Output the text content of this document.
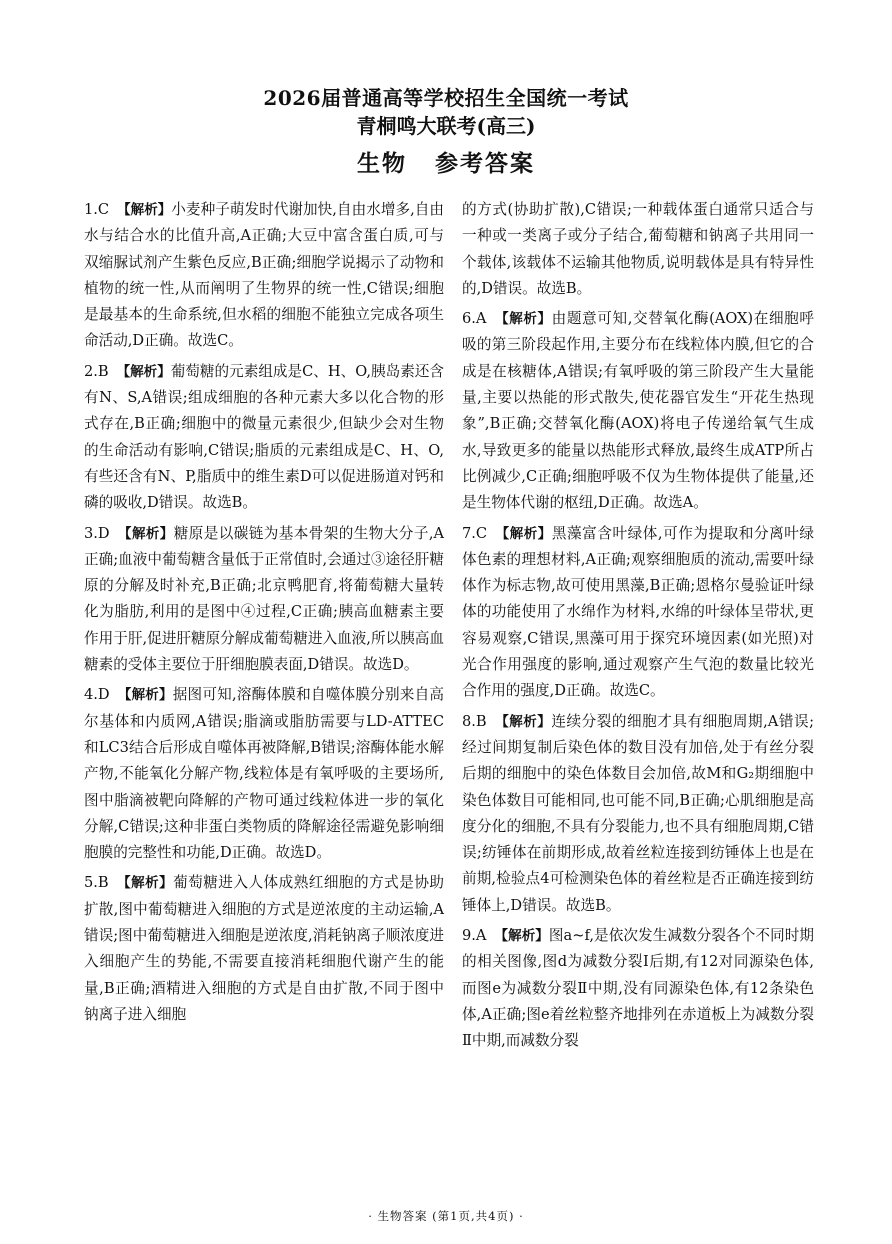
2026届普通高等学校招生全国统一考试
青桐鸣大联考(高三)
生物 参考答案
1.C 【解析】小麦种子萌发时代谢加快,自由水增多,自由水与结合水的比值升高,A正确;大豆中富含蛋白质,可与双缩脲试剂产生紫色反应,B正确;细胞学说揭示了动物和植物的统一性,从而阐明了生物界的统一性,C错误;细胞是最基本的生命系统,但水稻的细胞不能独立完成各项生命活动,D正确。故选C。
2.B 【解析】葡萄糖的元素组成是C、H、O,胰岛素还含有N、S,A错误;组成细胞的各种元素大多以化合物的形式存在,B正确;细胞中的微量元素很少,但缺少会对生物的生命活动有影响,C错误;脂质的元素组成是C、H、O,有些还含有N、P,脂质中的维生素D可以促进肠道对钙和磷的吸收,D错误。故选B。
3.D 【解析】糖原是以碳链为基本骨架的生物大分子,A正确;血液中葡萄糖含量低于正常值时,会通过③途径肝糖原的分解及时补充,B正确;北京鸭肥育,将葡萄糖大量转化为脂肪,利用的是图中④过程,C正确;胰高血糖素主要作用于肝,促进肝糖原分解成葡萄糖进入血液,所以胰高血糖素的受体主要位于肝细胞膜表面,D错误。故选D。
4.D 【解析】据图可知,溶酶体膜和自噬体膜分别来自高尔基体和内质网,A错误;脂滴或脂肪需要与LD-ATTEC和LC3结合后形成自噬体再被降解,B错误;溶酶体能水解产物,不能氧化分解产物,线粒体是有氧呼吸的主要场所,图中脂滴被靶向降解的产物可通过线粒体进一步的氧化分解,C错误;这种非蛋白类物质的降解途径需避免影响细胞膜的完整性和功能,D正确。故选D。
5.B 【解析】葡萄糖进入人体成熟红细胞的方式是协助扩散,图中葡萄糖进入细胞的方式是逆浓度的主动运输,A错误;图中葡萄糖进入细胞是逆浓度,消耗钠离子顺浓度进入细胞产生的势能,不需要直接消耗细胞代谢产生的能量,B正确;酒精进入细胞的方式是自由扩散,不同于图中钠离子进入细胞
的方式(协助扩散),C错误;一种载体蛋白通常只适合与一种或一类离子或分子结合,葡萄糖和钠离子共用同一个载体,该载体不运输其他物质,说明载体是具有特异性的,D错误。故选B。
6.A 【解析】由题意可知,交替氧化酶(AOX)在细胞呼吸的第三阶段起作用,主要分布在线粒体内膜,但它的合成是在核糖体,A错误;有氧呼吸的第三阶段产生大量能量,主要以热能的形式散失,使花器官发生“开花生热现象”,B正确;交替氧化酶(AOX)将电子传递给氧气生成水,导致更多的能量以热能形式释放,最终生成ATP所占比例减少,C正确;细胞呼吸不仅为生物体提供了能量,还是生物体代谢的枢纽,D正确。故选A。
7.C 【解析】黑藻富含叶绿体,可作为提取和分离叶绿体色素的理想材料,A正确;观察细胞质的流动,需要叶绿体作为标志物,故可使用黑藻,B正确;恩格尔曼验证叶绿体的功能使用了水绵作为材料,水绵的叶绿体呈带状,更容易观察,C错误,黑藻可用于探究环境因素(如光照)对光合作用强度的影响,通过观察产生气泡的数量比较光合作用的强度,D正确。故选C。
8.B 【解析】连续分裂的细胞才具有细胞周期,A错误;经过间期复制后染色体的数目没有加倍,处于有丝分裂后期的细胞中的染色体数目会加倍,故M和G₂期细胞中染色体数目可能相同,也可能不同,B正确;心肌细胞是高度分化的细胞,不具有分裂能力,也不具有细胞周期,C错误;纺锤体在前期形成,故着丝粒连接到纺锤体上也是在前期,检验点4可检测染色体的着丝粒是否正确连接到纺锤体上,D错误。故选B。
9.A 【解析】图a~f,是依次发生减数分裂各个不同时期的相关图像,图d为减数分裂Ⅰ后期,有12对同源染色体,而图e为减数分裂Ⅱ中期,没有同源染色体,有12条染色体,A正确;图e着丝粒整齐地排列在赤道板上为减数分裂Ⅱ中期,而减数分裂
· 生物答案 (第1页,共4页) ·
